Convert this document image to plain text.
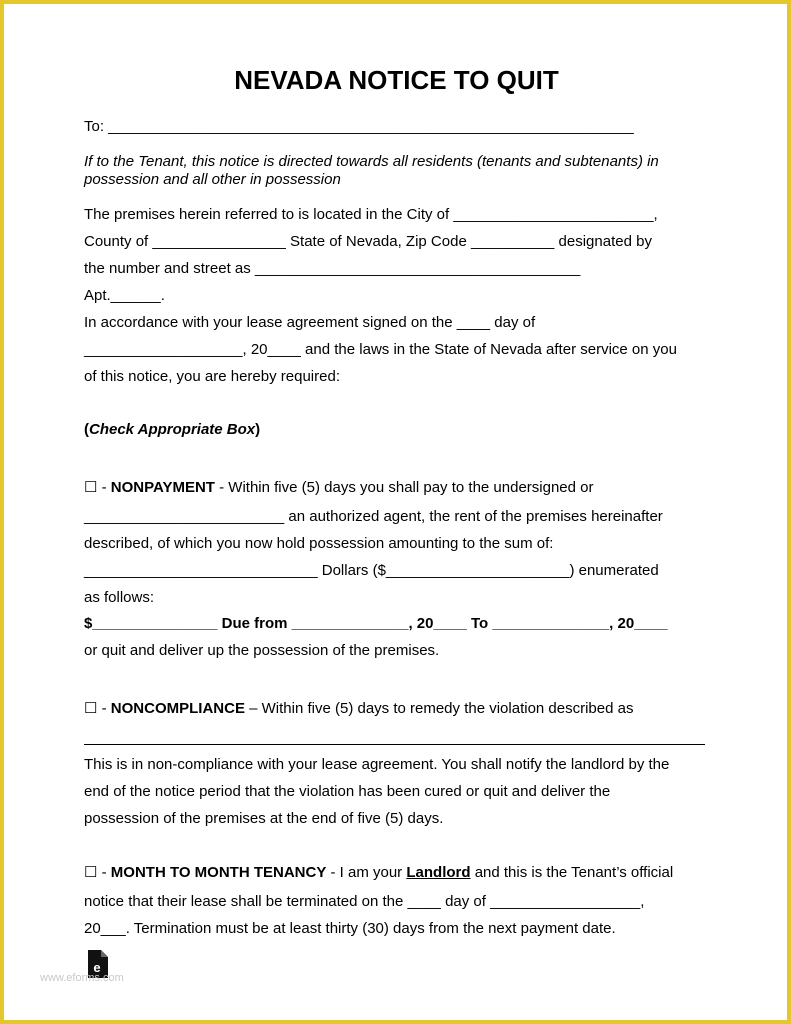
NEVADA NOTICE TO QUIT
To: _______________________________________________________________
If to the Tenant, this notice is directed towards all residents (tenants and subtenants) in
possession and all other in possession
The premises herein referred to is located in the City of ________________________,
County of ________________ State of Nevada, Zip Code __________ designated by
the number and street as _______________________________________
Apt.______.
In accordance with your lease agreement signed on the ____ day of
___________________, 20____ and the laws in the State of Nevada after service on you
of this notice, you are hereby required:
(Check Appropriate Box)
☐ - NONPAYMENT - Within five (5) days you shall pay to the undersigned or
________________________ an authorized agent, the rent of the premises hereinafter
described, of which you now hold possession amounting to the sum of:
____________________________ Dollars ($______________________) enumerated
as follows:
$_______________ Due from ______________, 20____ To ______________, 20____
or quit and deliver up the possession of the premises.
☐ - NONCOMPLIANCE – Within five (5) days to remedy the violation described as
This is in non-compliance with your lease agreement. You shall notify the landlord by the
end of the notice period that the violation has been cured or quit and deliver the
possession of the premises at the end of five (5) days.
☐ - MONTH TO MONTH TENANCY - I am your Landlord and this is the Tenant’s official
notice that their lease shall be terminated on the ____ day of __________________,
20___. Termination must be at least thirty (30) days from the next payment date.
e
www.eforms.com
